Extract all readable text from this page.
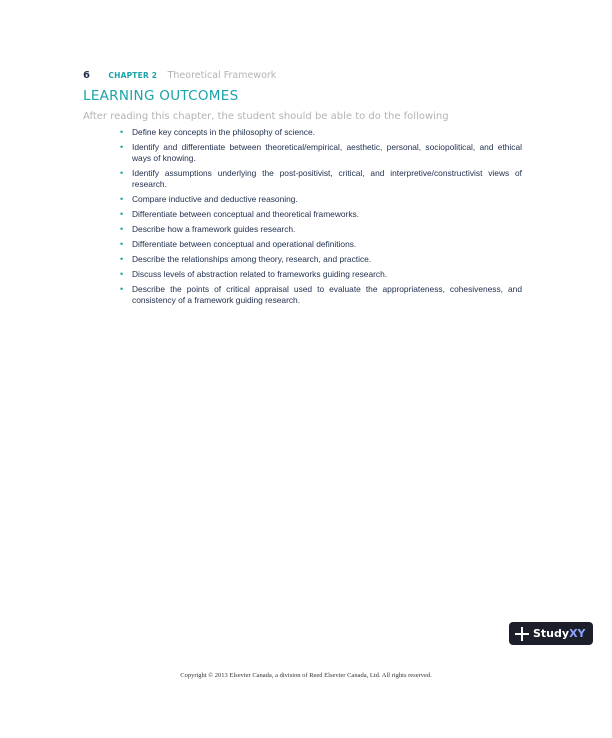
6 CHAPTER 2 Theoretical Framework
LEARNING OUTCOMES

After reading this chapter, the student should be able to do the following

• Define key concepts in the philosophy of science.
• Identify and differentiate between theoretical/empirical, aesthetic, personal, sociopolitical, and ethical ways of knowing.
• Identify assumptions underlying the post-positivist, critical, and interpretive/constructivist views of research.
• Compare inductive and deductive reasoning.
• Differentiate between conceptual and theoretical frameworks.
• Describe how a framework guides research.
• Differentiate between conceptual and operational definitions.
• Describe the relationships among theory, research, and practice.
• Discuss levels of abstraction related to frameworks guiding research.
• Describe the points of critical appraisal used to evaluate the appropriateness, cohesiveness, and consistency of a framework guiding research.
StudyXY
Copyright © 2013 Elsevier Canada, a division of Reed Elsevier Canada, Ltd. All rights reserved.
